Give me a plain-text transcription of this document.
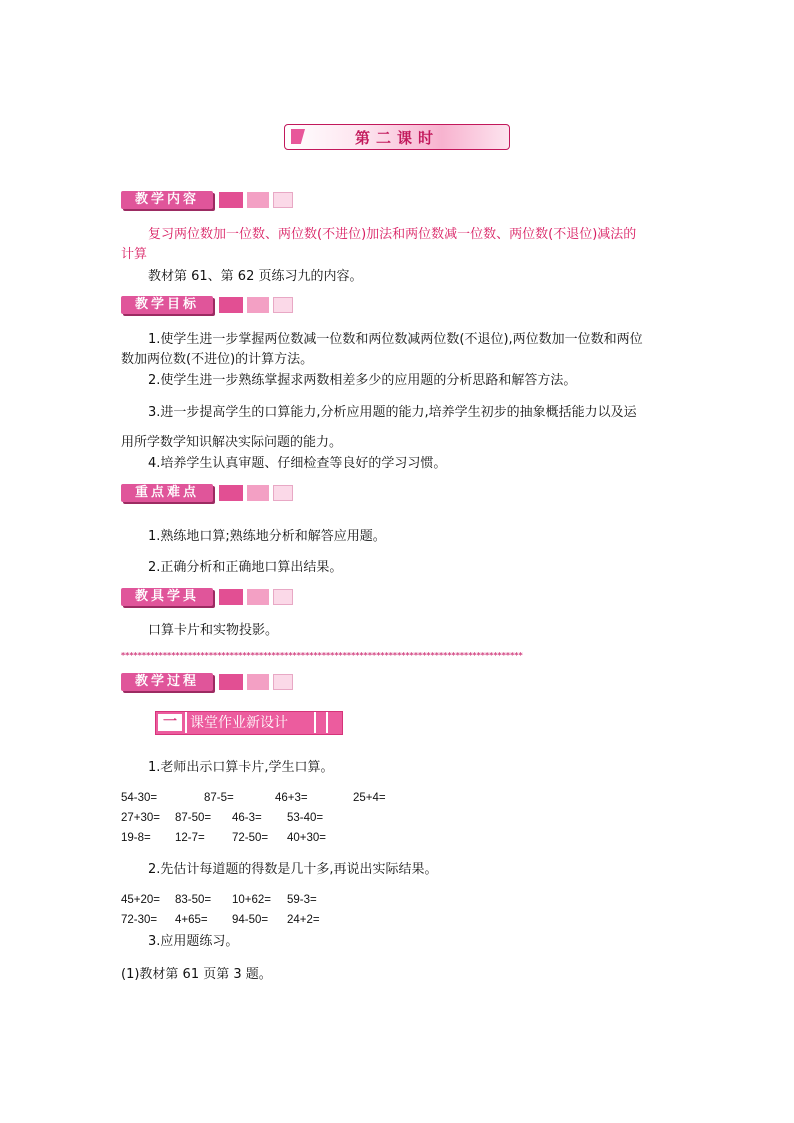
第二课时
教学内容
复习两位数加一位数、两位数(不进位)加法和两位数减一位数、两位数(不退位)减法的
计算
教材第 61、第 62 页练习九的内容。
教学目标
1.使学生进一步掌握两位数减一位数和两位数减两位数(不退位),两位数加一位数和两位
数加两位数(不进位)的计算方法。
2.使学生进一步熟练掌握求两数相差多少的应用题的分析思路和解答方法。
3.进一步提高学生的口算能力,分析应用题的能力,培养学生初步的抽象概括能力以及运
用所学数学知识解决实际问题的能力。
4.培养学生认真审题、仔细检查等良好的学习习惯。
重点难点
1.熟练地口算;熟练地分析和解答应用题。
2.正确分析和正确地口算出结果。
教具学具
口算卡片和实物投影。
************************************************************************************************
教学过程
一 课堂作业新设计
1.老师出示口算卡片,学生口算。
54-30=	87-5=	46+3=	25+4=
27+30= 87-50= 46-3= 53-40=
19-8= 12-7= 72-50= 40+30=
2.先估计每道题的得数是几十多,再说出实际结果。
45+20= 83-50= 10+62= 59-3=
72-30= 4+65= 94-50= 24+2=
3.应用题练习。
(1)教材第 61 页第 3 题。
